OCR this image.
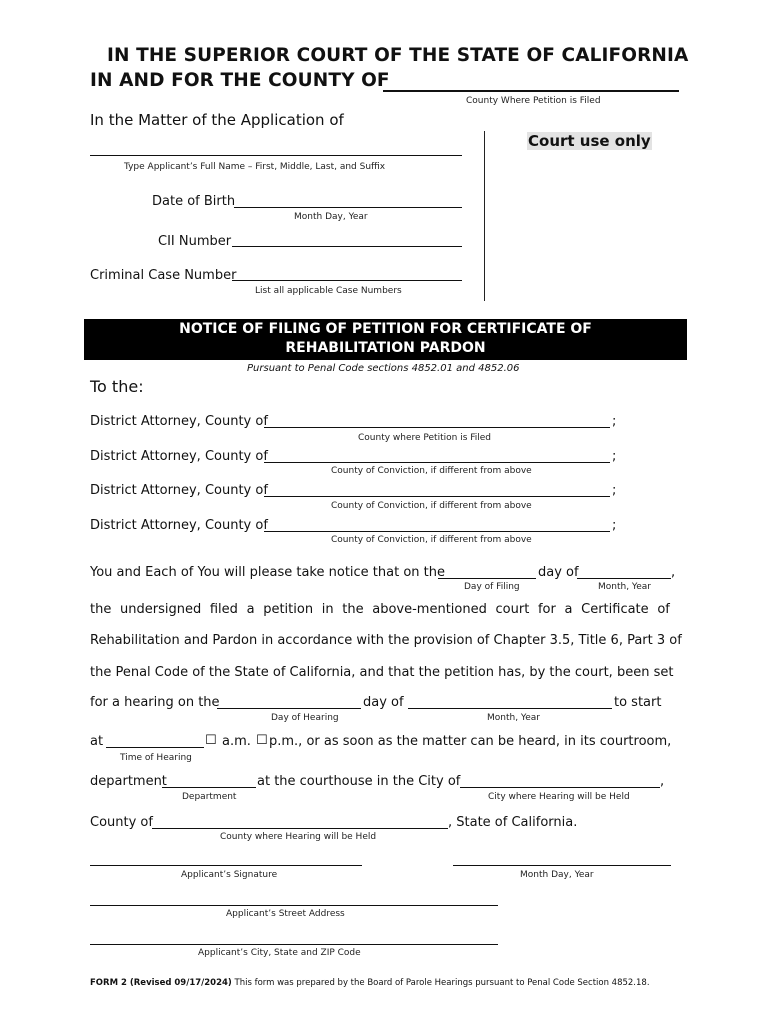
IN THE SUPERIOR COURT OF THE STATE OF CALIFORNIA
IN AND FOR THE COUNTY OF
County Where Petition is Filed
In the Matter of the Application of
Type Applicant’s Full Name – First, Middle, Last, and Suffix
Date of Birth
Month Day, Year
CII Number
Criminal Case Number
List all applicable Case Numbers
Court use only
NOTICE OF FILING OF PETITION FOR CERTIFICATE OF
REHABILITATION PARDON
Pursuant to Penal Code sections 4852.01 and 4852.06
To the:
District Attorney, County of	;
County where Petition is Filed
District Attorney, County of	;
County of Conviction, if different from above
District Attorney, County of	;
County of Conviction, if different from above
District Attorney, County of	;
County of Conviction, if different from above
You and Each of You will please take notice that on the	day of	,
Day of Filing	Month, Year
the undersigned filed a petition in the above-mentioned court for a Certificate of
Rehabilitation and Pardon in accordance with the provision of Chapter 3.5, Title 6, Part 3 of
the Penal Code of the State of California, and that the petition has, by the court, been set
for a hearing on the	day of	to start
Day of Hearing	Month, Year
at	☐ a.m. ☐ p.m., or as soon as the matter can be heard, in its courtroom,
Time of Hearing
department	at the courthouse in the City of	,
Department	City where Hearing will be Held
County of	, State of California.
County where Hearing will be Held
Applicant’s Signature	Month Day, Year
Applicant’s Street Address
Applicant’s City, State and ZIP Code
FORM 2 (Revised 09/17/2024) This form was prepared by the Board of Parole Hearings pursuant to Penal Code Section 4852.18.
